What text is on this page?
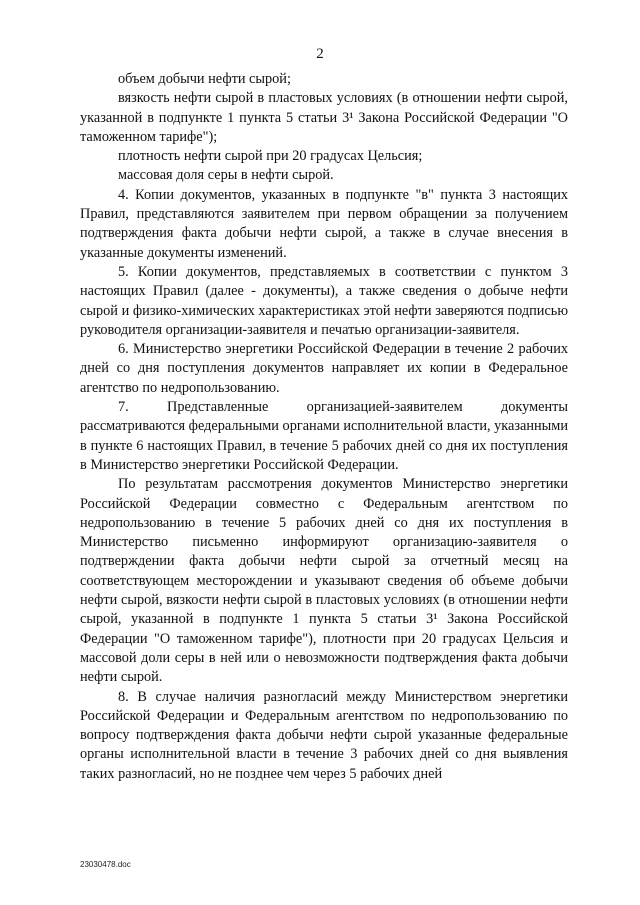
2

объем добычи нефти сырой;

вязкость нефти сырой в пластовых условиях (в отношении нефти сырой, указанной в подпункте 1 пункта 5 статьи 3¹ Закона Российской Федерации "О таможенном тарифе");

плотность нефти сырой при 20 градусах Цельсия;

массовая доля серы в нефти сырой.

4. Копии документов, указанных в подпункте "в" пункта 3 настоящих Правил, представляются заявителем при первом обращении за получением подтверждения факта добычи нефти сырой, а также в случае внесения в указанные документы изменений.

5. Копии документов, представляемых в соответствии с пунктом 3 настоящих Правил (далее - документы), а также сведения о добыче нефти сырой и физико-химических характеристиках этой нефти заверяются подписью руководителя организации-заявителя и печатью организации-заявителя.

6. Министерство энергетики Российской Федерации в течение 2 рабочих дней со дня поступления документов направляет их копии в Федеральное агентство по недропользованию.

7. Представленные организацией-заявителем документы рассматриваются федеральными органами исполнительной власти, указанными в пункте 6 настоящих Правил, в течение 5 рабочих дней со дня их поступления в Министерство энергетики Российской Федерации.

По результатам рассмотрения документов Министерство энергетики Российской Федерации совместно с Федеральным агентством по недропользованию в течение 5 рабочих дней со дня их поступления в Министерство письменно информируют организацию-заявителя о подтверждении факта добычи нефти сырой за отчетный месяц на соответствующем месторождении и указывают сведения об объеме добычи нефти сырой, вязкости нефти сырой в пластовых условиях (в отношении нефти сырой, указанной в подпункте 1 пункта 5 статьи 3¹ Закона Российской Федерации "О таможенном тарифе"), плотности при 20 градусах Цельсия и массовой доли серы в ней или о невозможности подтверждения факта добычи нефти сырой.

8. В случае наличия разногласий между Министерством энергетики Российской Федерации и Федеральным агентством по недропользованию по вопросу подтверждения факта добычи нефти сырой указанные федеральные органы исполнительной власти в течение 3 рабочих дней со дня выявления таких разногласий, но не позднее чем через 5 рабочих дней

23030478.doc
